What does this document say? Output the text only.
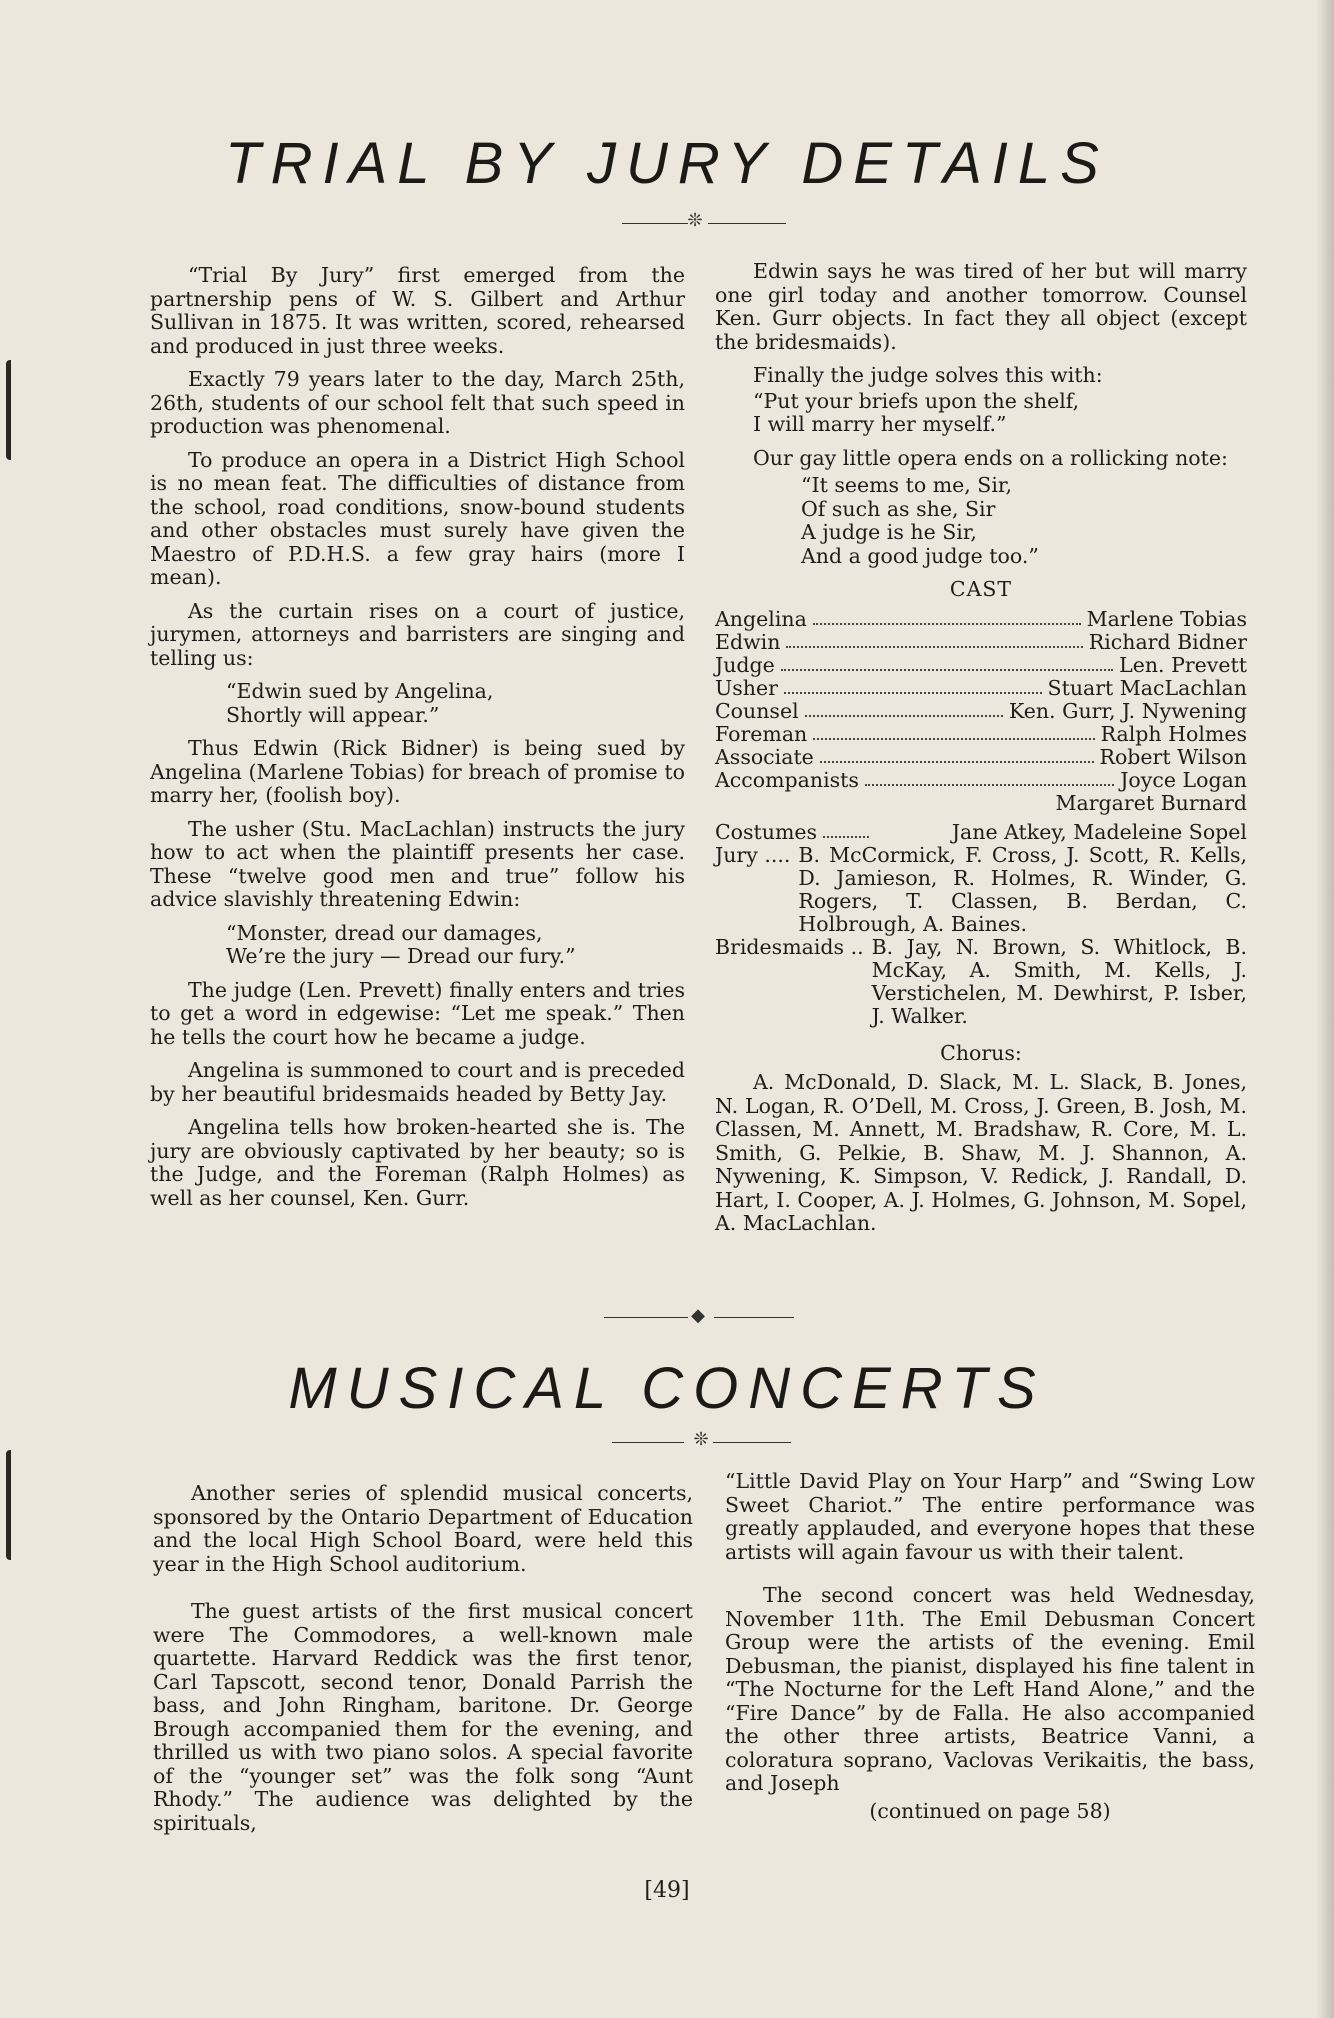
TRIAL BY JURY DETAILS
❊

“Trial By Jury” first emerged from the partnership pens of W. S. Gilbert and Arthur Sullivan in 1875. It was written, scored, rehearsed and produced in just three weeks.

Exactly 79 years later to the day, March 25th, 26th, students of our school felt that such speed in production was phenomenal.

To produce an opera in a District High School is no mean feat. The difficulties of distance from the school, road conditions, snow-bound students and other obstacles must surely have given the Maestro of P.D.H.S. a few gray hairs (more I mean).

As the curtain rises on a court of justice, jurymen, attorneys and barristers are singing and telling us:

“Edwin sued by Angelina,
Shortly will appear.”

Thus Edwin (Rick Bidner) is being sued by Angelina (Marlene Tobias) for breach of promise to marry her, (foolish boy).

The usher (Stu. MacLachlan) instructs the jury how to act when the plaintiff presents her case. These “twelve good men and true” follow his advice slavishly threatening Edwin:

“Monster, dread our damages,
We’re the jury — Dread our fury.”

The judge (Len. Prevett) finally enters and tries to get a word in edgewise: “Let me speak.” Then he tells the court how he became a judge.

Angelina is summoned to court and is preceded by her beautiful bridesmaids headed by Betty Jay.

Angelina tells how broken-hearted she is. The jury are obviously captivated by her beauty; so is the Judge, and the Foreman (Ralph Holmes) as well as her counsel, Ken. Gurr.

Edwin says he was tired of her but will marry one girl today and another tomorrow. Counsel Ken. Gurr objects. In fact they all object (except the bridesmaids).

Finally the judge solves this with:

“Put your briefs upon the shelf,
I will marry her myself.”

Our gay little opera ends on a rollicking note:

“It seems to me, Sir,
Of such as she, Sir
A judge is he Sir,
And a good judge too.”
CAST
Angelina	Marlene Tobias
Edwin	Richard Bidner
Judge	Len. Prevett
Usher	Stuart MacLachlan
Counsel	Ken. Gurr, J. Nywening
Foreman	Ralph Holmes
Associate	Robert Wilson
Accompanists	Joyce Logan
Margaret Burnard
Costumes	Jane Atkey, Madeleine Sopel
Jury .... B. McCormick, F. Cross, J. Scott, R. Kells, D. Jamieson, R. Holmes, R. Winder, G. Rogers, T. Classen, B. Berdan, C. Holbrough, A. Baines.
Bridesmaids .. B. Jay, N. Brown, S. Whitlock, B. McKay, A. Smith, M. Kells, J. Verstichelen, M. Dewhirst, P. Isber, J. Walker.
Chorus:
A. McDonald, D. Slack, M. L. Slack, B. Jones, N. Logan, R. O’Dell, M. Cross, J. Green, B. Josh, M. Classen, M. Annett, M. Bradshaw, R. Core, M. L. Smith, G. Pelkie, B. Shaw, M. J. Shannon, A. Nywening, K. Simpson, V. Redick, J. Randall, D. Hart, I. Cooper, A. J. Holmes, G. Johnson, M. Sopel, A. MacLachlan.
◆
MUSICAL CONCERTS
❊

Another series of splendid musical concerts, sponsored by the Ontario Department of Education and the local High School Board, were held this year in the High School auditorium.

The guest artists of the first musical concert were The Commodores, a well-known male quartette. Harvard Reddick was the first tenor, Carl Tapscott, second tenor, Donald Parrish the bass, and John Ringham, baritone. Dr. George Brough accompanied them for the evening, and thrilled us with two piano solos. A special favorite of the “younger set” was the folk song “Aunt Rhody.” The audience was delighted by the spirituals,

“Little David Play on Your Harp” and “Swing Low Sweet Chariot.” The entire performance was greatly applauded, and everyone hopes that these artists will again favour us with their talent.

The second concert was held Wednesday, November 11th. The Emil Debusman Concert Group were the artists of the evening. Emil Debusman, the pianist, displayed his fine talent in “The Nocturne for the Left Hand Alone,” and the “Fire Dance” by de Falla. He also accompanied the other three artists, Beatrice Vanni, a coloratura soprano, Vaclovas Verikaitis, the bass, and Joseph

(continued on page 58)
[49]
